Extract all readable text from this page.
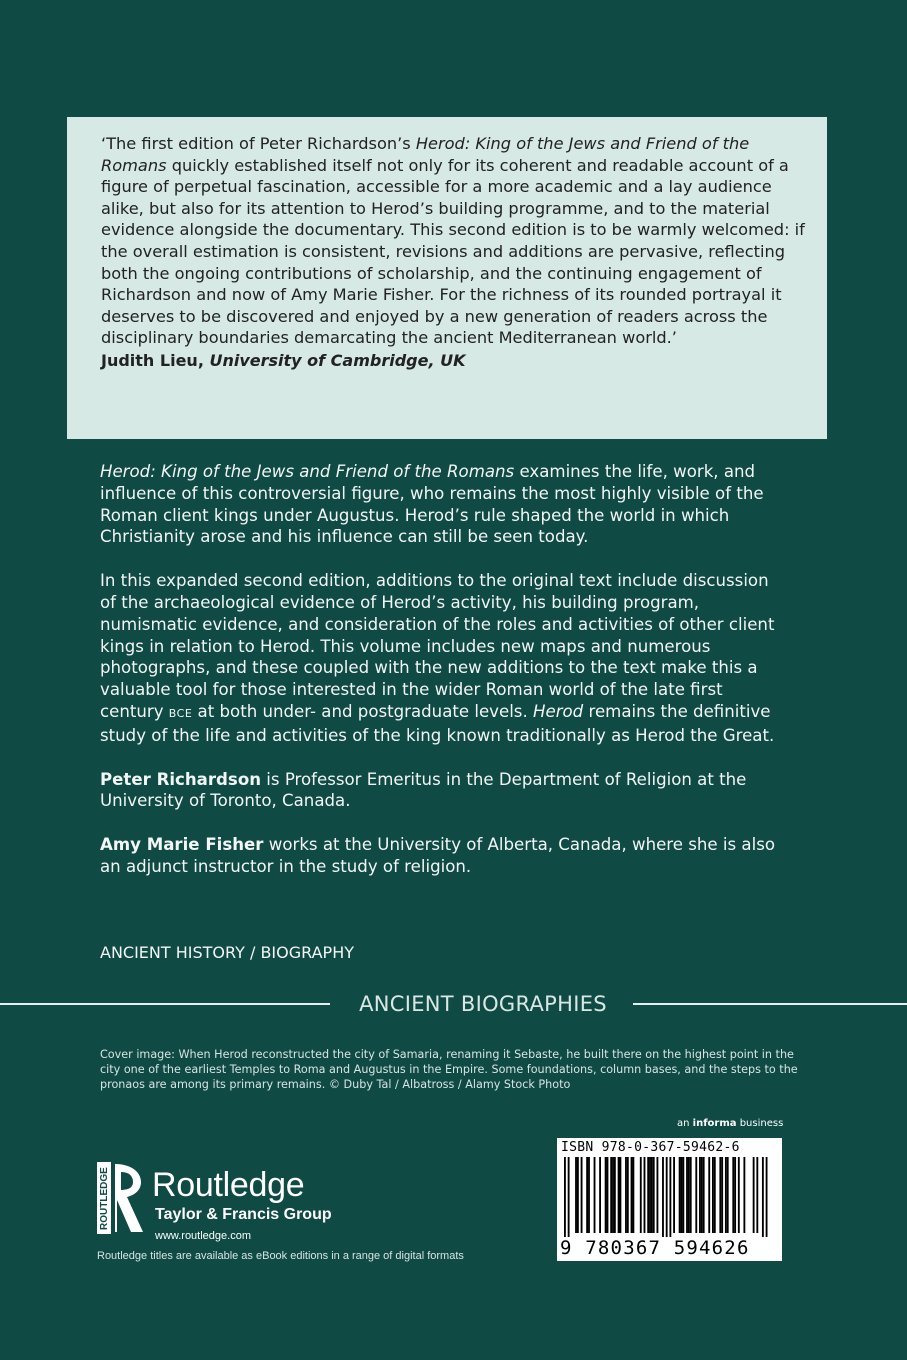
‘The first edition of Peter Richardson’s Herod: King of the Jews and Friend of the Romans quickly established itself not only for its coherent and readable account of a figure of perpetual fascination, accessible for a more academic and a lay audience alike, but also for its attention to Herod’s building programme, and to the material evidence alongside the documentary. This second edition is to be warmly welcomed: if the overall estimation is consistent, revisions and additions are pervasive, reflecting both the ongoing contributions of scholarship, and the continuing engagement of Richardson and now of Amy Marie Fisher. For the richness of its rounded portrayal it deserves to be discovered and enjoyed by a new generation of readers across the disciplinary boundaries demarcating the ancient Mediterranean world.’

Judith Lieu, University of Cambridge, UK

Herod: King of the Jews and Friend of the Romans examines the life, work, and influence of this controversial figure, who remains the most highly visible of the Roman client kings under Augustus. Herod’s rule shaped the world in which Christianity arose and his influence can still be seen today.

In this expanded second edition, additions to the original text include discussion of the archaeological evidence of Herod’s activity, his building program, numismatic evidence, and consideration of the roles and activities of other client kings in relation to Herod. This volume includes new maps and numerous photographs, and these coupled with the new additions to the text make this a valuable tool for those interested in the wider Roman world of the late first century BCE at both under- and postgraduate levels. Herod remains the definitive study of the life and activities of the king known traditionally as Herod the Great.

Peter Richardson is Professor Emeritus in the Department of Religion at the University of Toronto, Canada.

Amy Marie Fisher works at the University of Alberta, Canada, where she is also an adjunct instructor in the study of religion.

ANCIENT HISTORY / BIOGRAPHY
ANCIENT BIOGRAPHIES
Cover image: When Herod reconstructed the city of Samaria, renaming it Sebaste, he built there on the highest point in the city one of the earliest Temples to Roma and Augustus in the Empire. Some foundations, column bases, and the steps to the pronaos are among its primary remains. © Duby Tal / Albatross / Alamy Stock Photo
an informa business
ISBN 978-0-367-59462-6
9 780367 594626
ROUTLEDGE Routledge
Taylor & Francis Group
www.routledge.com
Routledge titles are available as eBook editions in a range of digital formats
